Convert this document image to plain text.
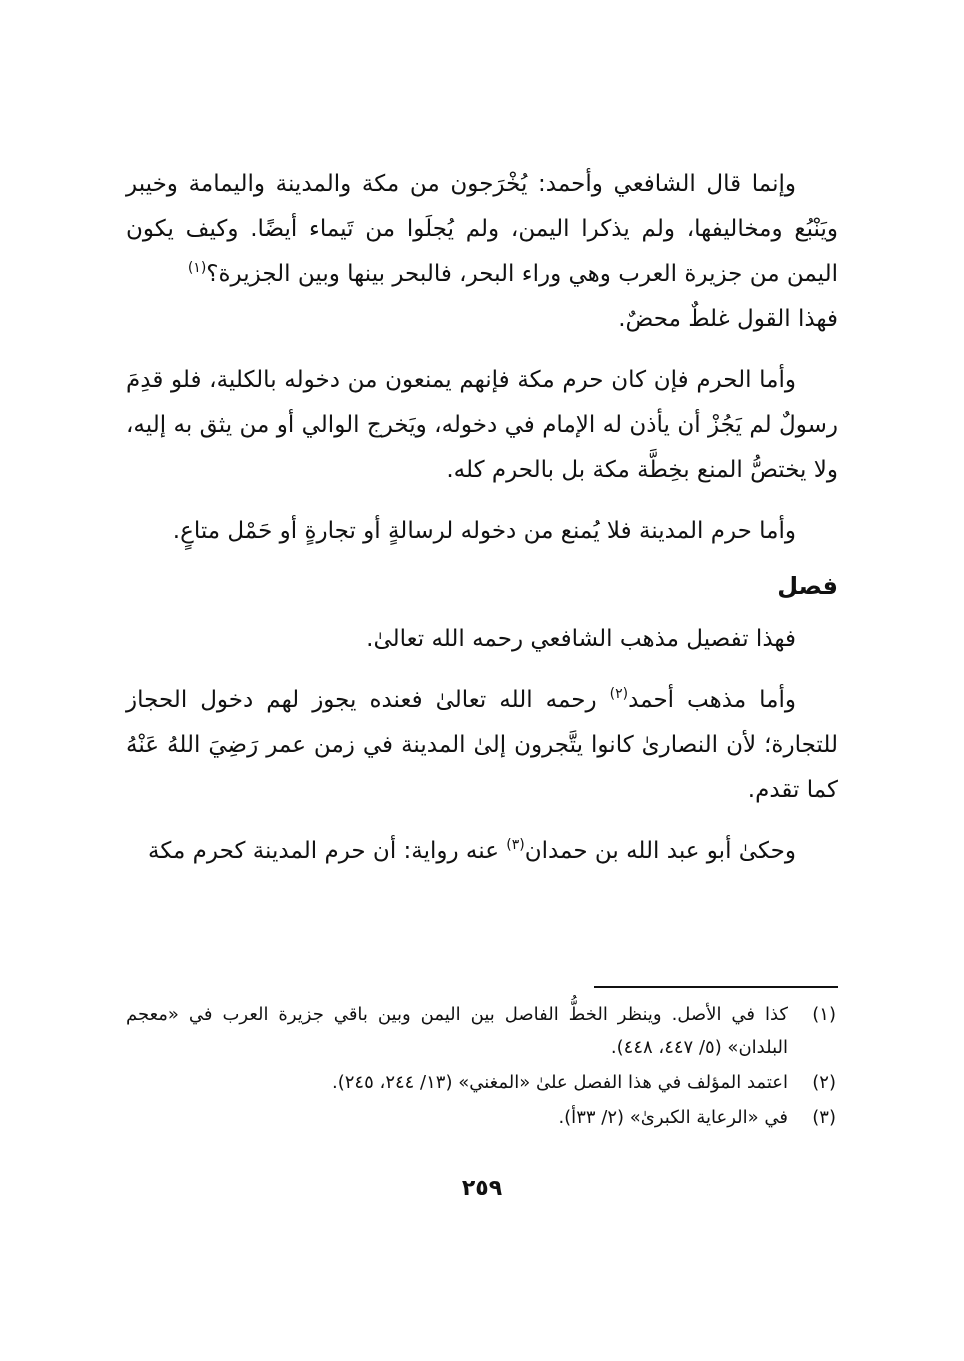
وإنما قال الشافعي وأحمد: يُخْرَجون من مكة والمدينة واليمامة وخيبر ويَنْبُع ومخاليفها، ولم يذكرا اليمن، ولم يُجلَوا من تَيماء أيضًا. وكيف يكون اليمن من جزيرة العرب وهي وراء البحر، فالبحر بينها وبين الجزيرة؟$^{(١)}$
فهذا القول غلطٌ محضٌ.

وأما الحرم فإن كان حرم مكة فإنهم يمنعون من دخوله بالكلية، فلو قدِمَ رسولٌ لم يَجُزْ أن يأذن له الإمام في دخوله، ويَخرج الوالي أو من يثق به إليه، ولا يختصُّ المنع بخِطَّة مكة بل بالحرم كله.

وأما حرم المدينة فلا يُمنع من دخوله لرسالةٍ أو تجارةٍ أو حَمْل متاعٍ.

فصل

فهذا تفصيل مذهب الشافعي رحمه الله تعالىٰ.

وأما مذهب أحمد$^{(٢)}$ رحمه الله تعالىٰ فعنده يجوز لهم دخول الحجاز للتجارة؛ لأن النصارىٰ كانوا يتَّجرون إلىٰ المدينة في زمن عمر رَضِيَ اللهُ عَنْهُ كما تقدم.

وحكىٰ أبو عبد الله بن حمدان$^{(٣)}$ عنه رواية: أن حرم المدينة كحرم مكة

(١)
كذا في الأصل. وينظر الخطُّ الفاصل بين اليمن وبين باقي جزيرة العرب في «معجم البلدان» (٥/ ٤٤٧، ٤٤٨).
(٢)
اعتمد المؤلف في هذا الفصل علىٰ «المغني» (١٣/ ٢٤٤، ٢٤٥).
(٣)
في «الرعاية الكبرىٰ» (٢/ ٣٣أ).
٢٥٩
